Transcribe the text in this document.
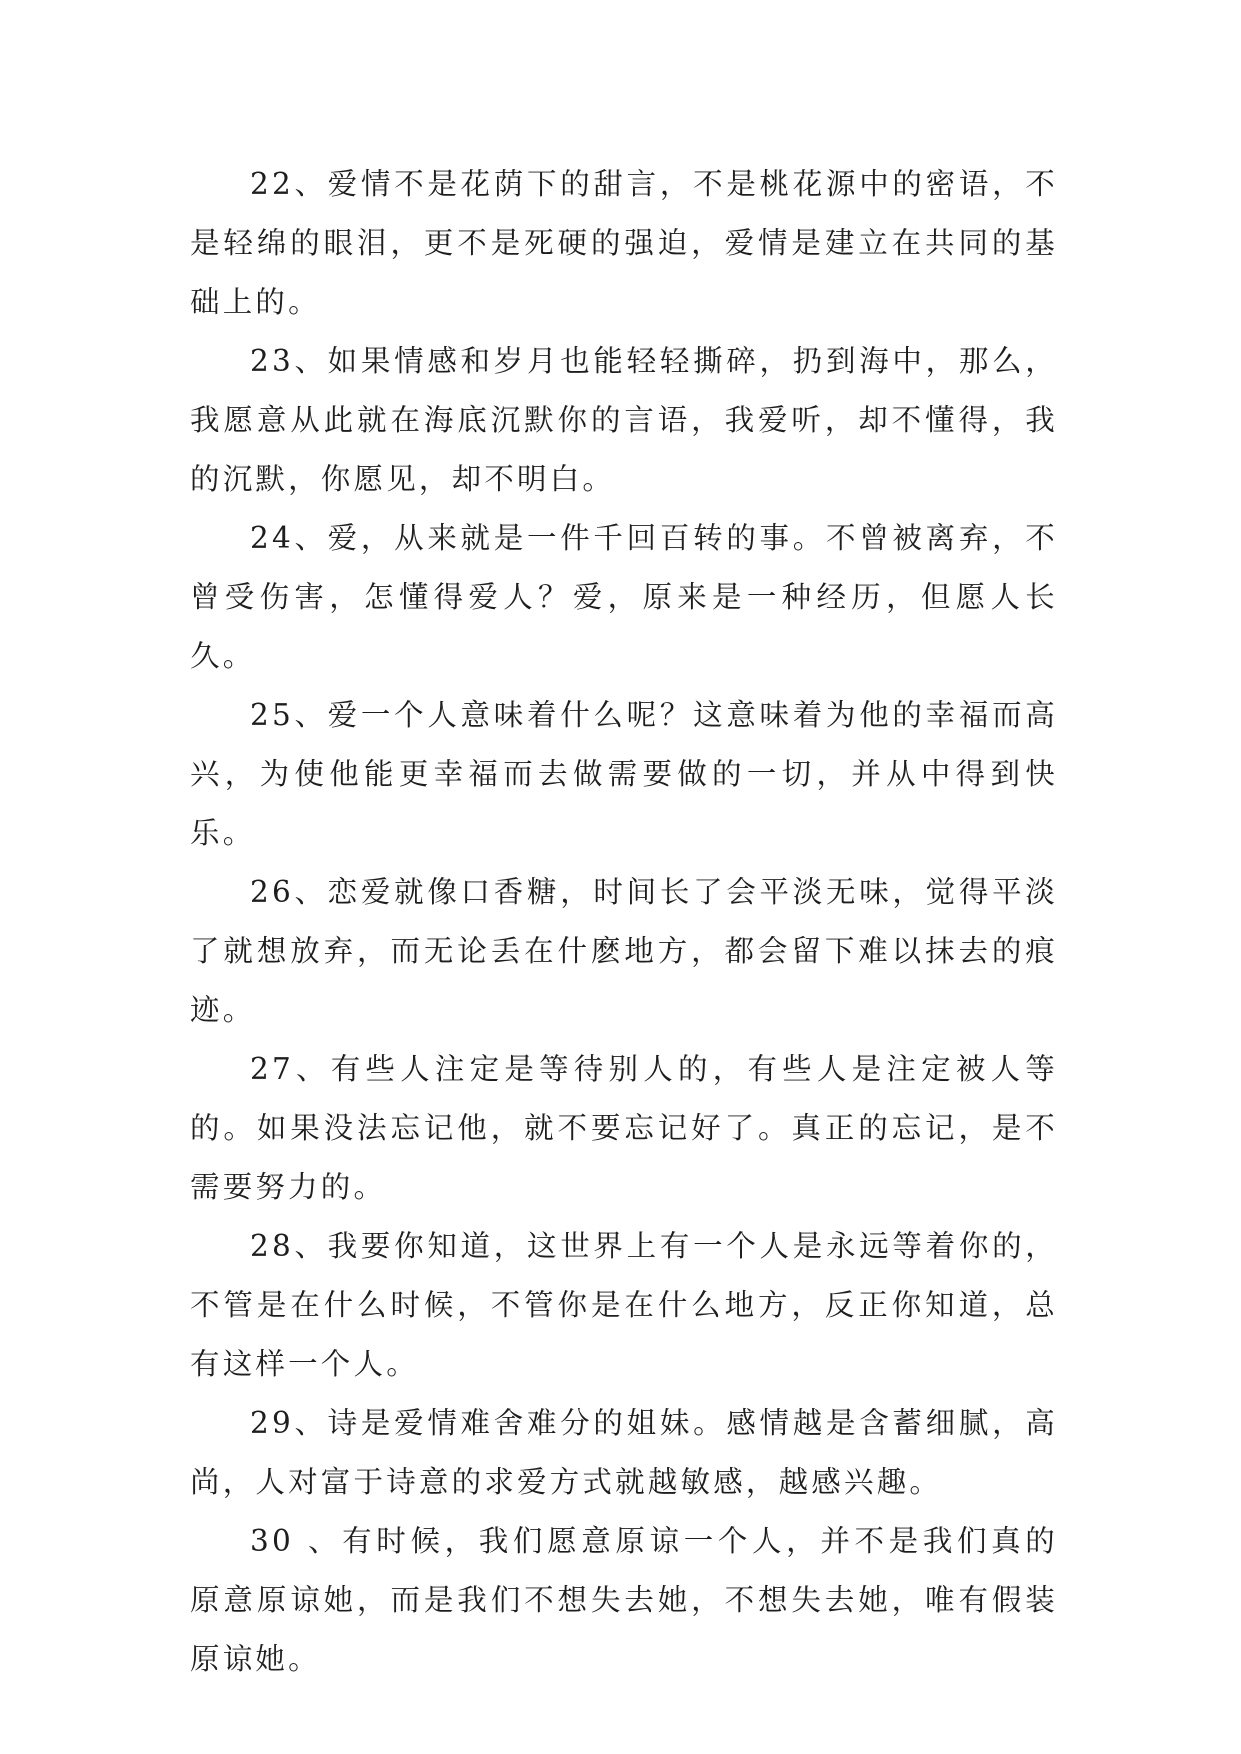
22、爱情不是花荫下的甜言，不是桃花源中的密语，不是轻绵的眼泪，更不是死硬的强迫，爱情是建立在共同的基础上的。

23、如果情感和岁月也能轻轻撕碎，扔到海中，那么，我愿意从此就在海底沉默你的言语，我爱听，却不懂得，我的沉默，你愿见，却不明白。

24、爱，从来就是一件千回百转的事。不曾被离弃，不曾受伤害，怎懂得爱人？爱，原来是一种经历，但愿人长久。

25、爱一个人意味着什么呢？这意味着为他的幸福而高兴，为使他能更幸福而去做需要做的一切，并从中得到快乐。

26、恋爱就像口香糖，时间长了会平淡无味，觉得平淡了就想放弃，而无论丢在什麽地方，都会留下难以抹去的痕迹。

27、有些人注定是等待别人的，有些人是注定被人等的。如果没法忘记他，就不要忘记好了。真正的忘记，是不需要努力的。

28、我要你知道，这世界上有一个人是永远等着你的，不管是在什么时候，不管你是在什么地方，反正你知道，总有这样一个人。

29、诗是爱情难舍难分的姐妹。感情越是含蓄细腻，高尚，人对富于诗意的求爱方式就越敏感，越感兴趣。

30 、有时候，我们愿意原谅一个人，并不是我们真的原意原谅她，而是我们不想失去她，不想失去她，唯有假装原谅她。
